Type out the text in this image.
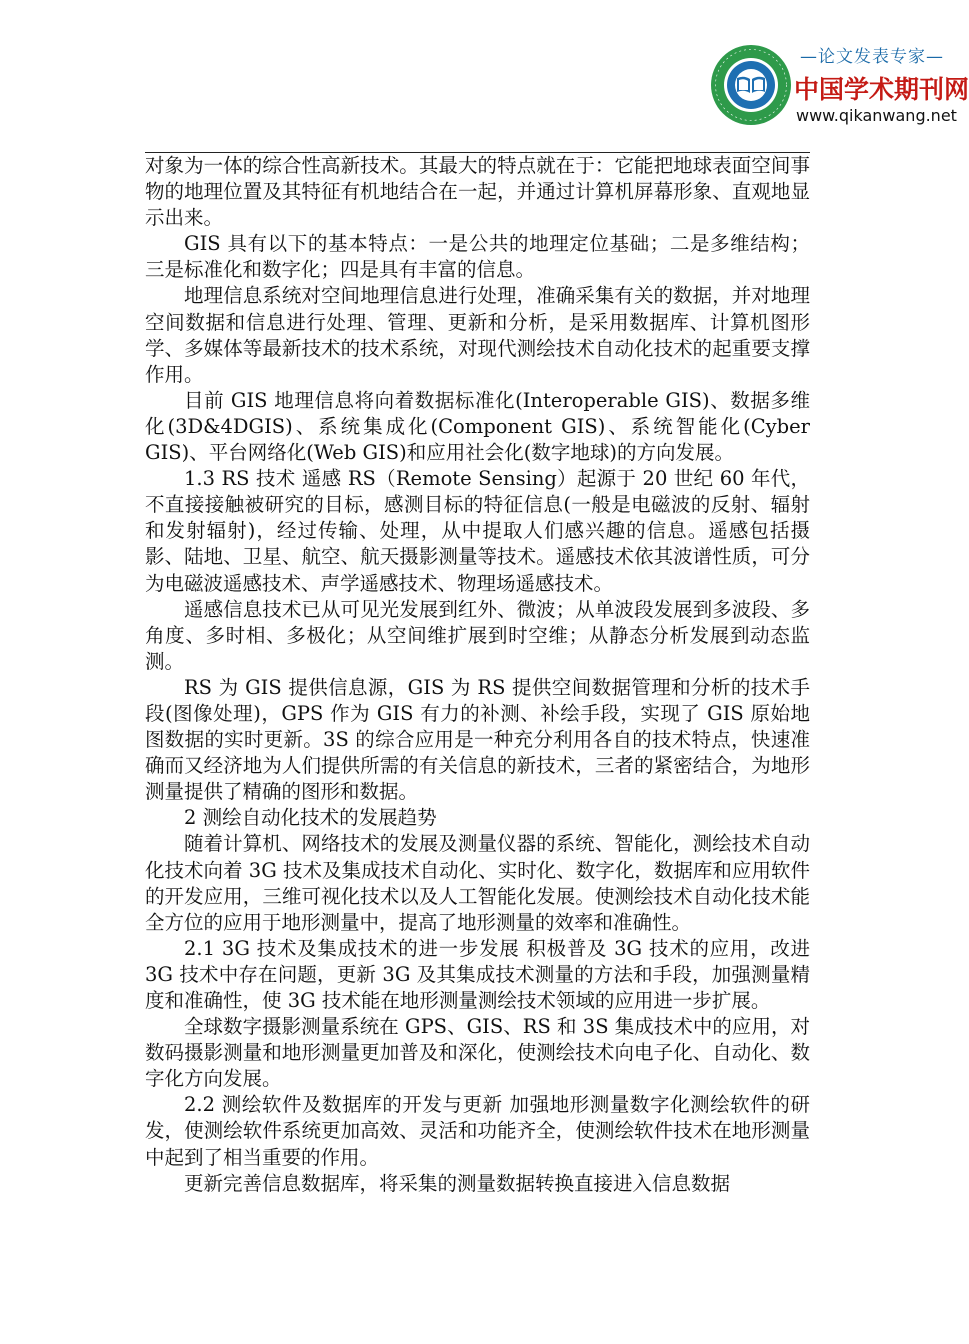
—论文发表专家—
中国学术期刊网
www.qikanwang.net

对象为一体的综合性高新技术。其最大的特点就在于：它能把地球表面空间事物的地理位置及其特征有机地结合在一起，并通过计算机屏幕形象、直观地显示出来。

GIS 具有以下的基本特点：一是公共的地理定位基础；二是多维结构；三是标准化和数字化；四是具有丰富的信息。

地理信息系统对空间地理信息进行处理，准确采集有关的数据，并对地理空间数据和信息进行处理、管理、更新和分析，是采用数据库、计算机图形学、多媒体等最新技术的技术系统，对现代测绘技术自动化技术的起重要支撑作用。

目前 GIS 地理信息将向着数据标准化(Interoperable GIS)、数据多维化(3D&4DGIS)、系统集成化(Component GIS)、系统智能化(Cyber GIS)、平台网络化(Web GIS)和应用社会化(数字地球)的方向发展。

1.3 RS 技术 遥感 RS（Remote Sensing）起源于 20 世纪 60 年代，不直接接触被研究的目标，感测目标的特征信息(一般是电磁波的反射、辐射和发射辐射)，经过传输、处理，从中提取人们感兴趣的信息。遥感包括摄影、陆地、卫星、航空、航天摄影测量等技术。遥感技术依其波谱性质，可分为电磁波遥感技术、声学遥感技术、物理场遥感技术。

遥感信息技术已从可见光发展到红外、微波；从单波段发展到多波段、多角度、多时相、多极化；从空间维扩展到时空维；从静态分析发展到动态监测。

RS 为 GIS 提供信息源，GIS 为 RS 提供空间数据管理和分析的技术手段(图像处理)，GPS 作为 GIS 有力的补测、补绘手段，实现了 GIS 原始地图数据的实时更新。3S 的综合应用是一种充分利用各自的技术特点，快速准确而又经济地为人们提供所需的有关信息的新技术，三者的紧密结合，为地形测量提供了精确的图形和数据。

2 测绘自动化技术的发展趋势

随着计算机、网络技术的发展及测量仪器的系统、智能化，测绘技术自动化技术向着 3G 技术及集成技术自动化、实时化、数字化，数据库和应用软件的开发应用，三维可视化技术以及人工智能化发展。使测绘技术自动化技术能全方位的应用于地形测量中，提高了地形测量的效率和准确性。

2.1 3G 技术及集成技术的进一步发展 积极普及 3G 技术的应用，改进 3G 技术中存在问题，更新 3G 及其集成技术测量的方法和手段，加强测量精度和准确性，使 3G 技术能在地形测量测绘技术领域的应用进一步扩展。

全球数字摄影测量系统在 GPS、GIS、RS 和 3S 集成技术中的应用，对数码摄影测量和地形测量更加普及和深化，使测绘技术向电子化、自动化、数字化方向发展。

2.2 测绘软件及数据库的开发与更新 加强地形测量数字化测绘软件的研发，使测绘软件系统更加高效、灵活和功能齐全，使测绘软件技术在地形测量中起到了相当重要的作用。

更新完善信息数据库，将采集的测量数据转换直接进入信息数据
